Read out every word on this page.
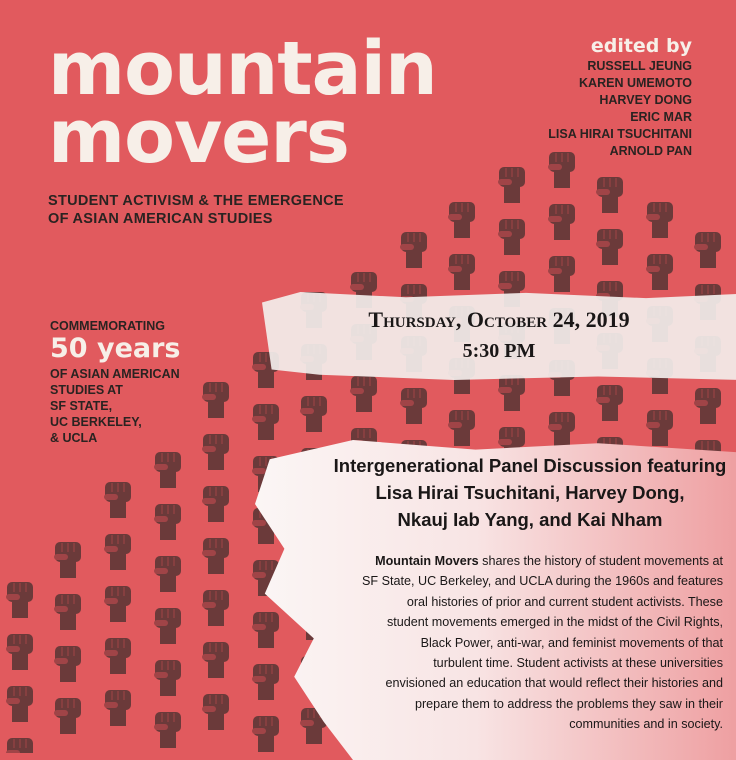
mountain
movers
STUDENT ACTIVISM & THE EMERGENCE
OF ASIAN AMERICAN STUDIES
edited by
RUSSELL JEUNG
KAREN UMEMOTO
HARVEY DONG
ERIC MAR
LISA HIRAI TSUCHITANI
ARNOLD PAN
COMMEMORATING
50 years
OF ASIAN AMERICAN
STUDIES AT
SF STATE,
UC BERKELEY,
& UCLA
Thursday, October 24, 2019
5:30 PM
Intergenerational Panel Discussion featuring
Lisa Hirai Tsuchitani, Harvey Dong,
Nkauj Iab Yang, and Kai Nham
Mountain Movers shares the history of student movements at
SF State, UC Berkeley, and UCLA during the 1960s and features
oral histories of prior and current student activists. These
student movements emerged in the midst of the Civil Rights,
Black Power, anti-war, and feminist movements of that
turbulent time. Student activists at these universities
envisioned an education that would reflect their histories and
prepare them to address the problems they saw in their
communities and in society.
